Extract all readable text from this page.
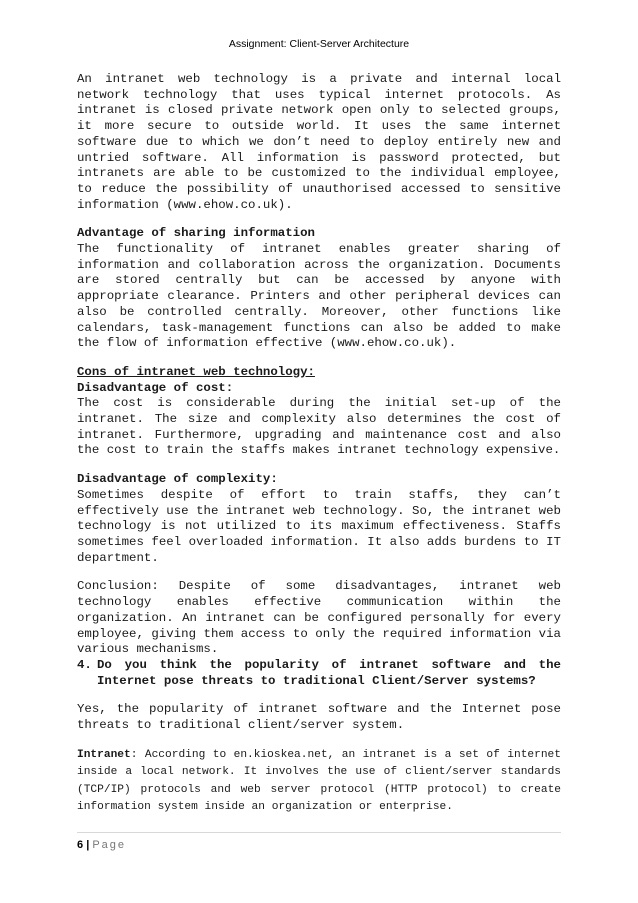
Assignment: Client-Server Architecture

An intranet web technology is a private and internal local network technology that uses typical internet protocols. As intranet is closed private network open only to selected groups, it more secure to outside world. It uses the same internet software due to which we don’t need to deploy entirely new and untried software. All information is password protected, but intranets are able to be customized to the individual employee, to reduce the possibility of unauthorised accessed to sensitive information (www.ehow.co.uk).

Advantage of sharing information

The functionality of intranet enables greater sharing of information and collaboration across the organization. Documents are stored centrally but can be accessed by anyone with appropriate clearance. Printers and other peripheral devices can also be controlled centrally. Moreover, other functions like calendars, task-management functions can also be added to make the flow of information effective (www.ehow.co.uk).

Cons of intranet web technology:

Disadvantage of cost:

The cost is considerable during the initial set-up of the intranet. The size and complexity also determines the cost of intranet. Furthermore, upgrading and maintenance cost and also the cost to train the staffs makes intranet technology expensive.

Disadvantage of complexity:

Sometimes despite of effort to train staffs, they can’t effectively use the intranet web technology. So, the intranet web technology is not utilized to its maximum effectiveness. Staffs sometimes feel overloaded information. It also adds burdens to IT department.

Conclusion: Despite of some disadvantages, intranet web technology enables effective communication within the organization. An intranet can be configured personally for every employee, giving them access to only the required information via various mechanisms.

4. Do you think the popularity of intranet software and the Internet pose threats to traditional Client/Server systems?

Yes, the popularity of intranet software and the Internet pose threats to traditional client/server system.

Intranet: According to en.kioskea.net, an intranet is a set of internet inside a local network. It involves the use of client/server standards (TCP/IP) protocols and web server protocol (HTTP protocol) to create information system inside an organization or enterprise.

6 | Page
